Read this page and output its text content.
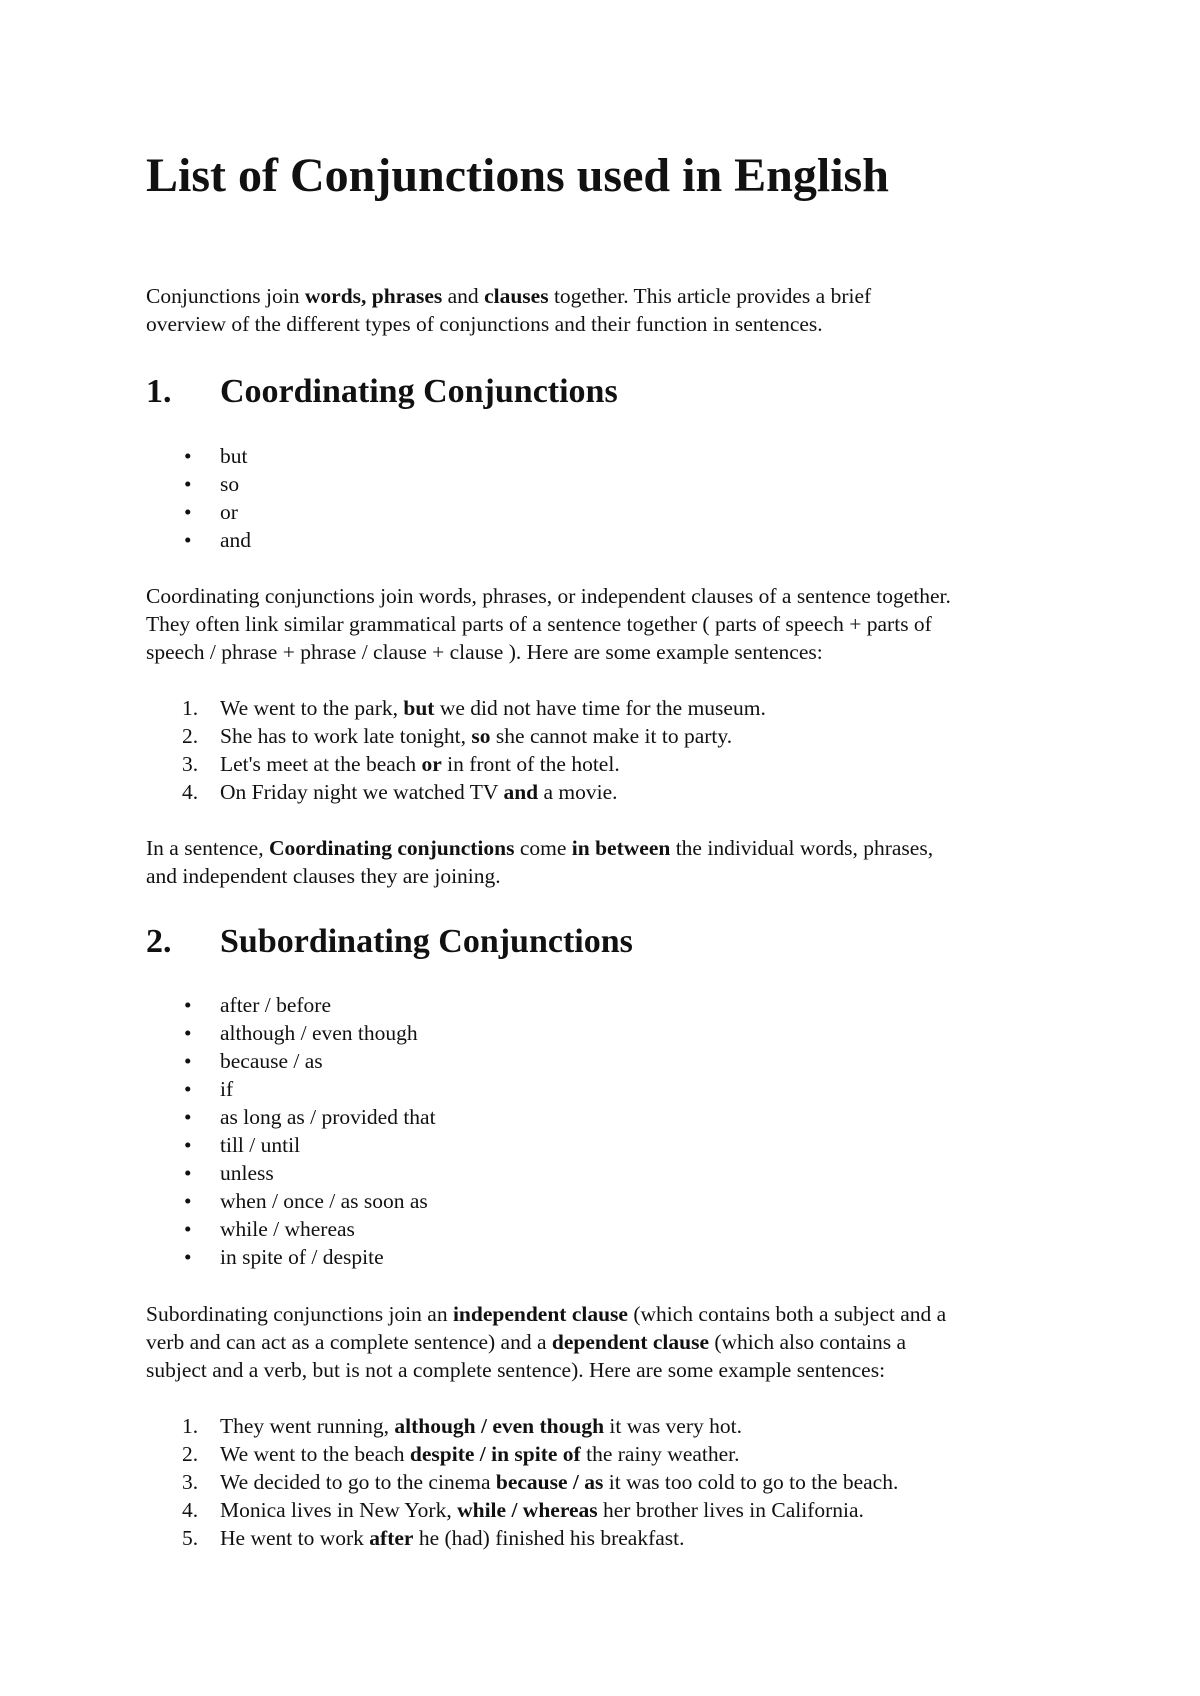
List of Conjunctions used in English

Conjunctions join words, phrases and clauses together. This article provides a brief

overview of the different types of conjunctions and their function in sentences.

1. Coordinating Conjunctions
• but
• so
• or
• and

Coordinating conjunctions join words, phrases, or independent clauses of a sentence together.

They often link similar grammatical parts of a sentence together ( parts of speech + parts of

speech / phrase + phrase / clause + clause ). Here are some example sentences:

1. We went to the park, but we did not have time for the museum.
2. She has to work late tonight, so she cannot make it to party.
3. Let's meet at the beach or in front of the hotel.
4. On Friday night we watched TV and a movie.

In a sentence, Coordinating conjunctions come in between the individual words, phrases,

and independent clauses they are joining.

2. Subordinating Conjunctions
• after / before
• although / even though
• because / as
• if
• as long as / provided that
• till / until
• unless
• when / once / as soon as
• while / whereas
• in spite of / despite

Subordinating conjunctions join an independent clause (which contains both a subject and a

verb and can act as a complete sentence) and a dependent clause (which also contains a

subject and a verb, but is not a complete sentence). Here are some example sentences:

1. They went running, although / even though it was very hot.
2. We went to the beach despite / in spite of the rainy weather.
3. We decided to go to the cinema because / as it was too cold to go to the beach.
4. Monica lives in New York, while / whereas her brother lives in California.
5. He went to work after he (had) finished his breakfast.
